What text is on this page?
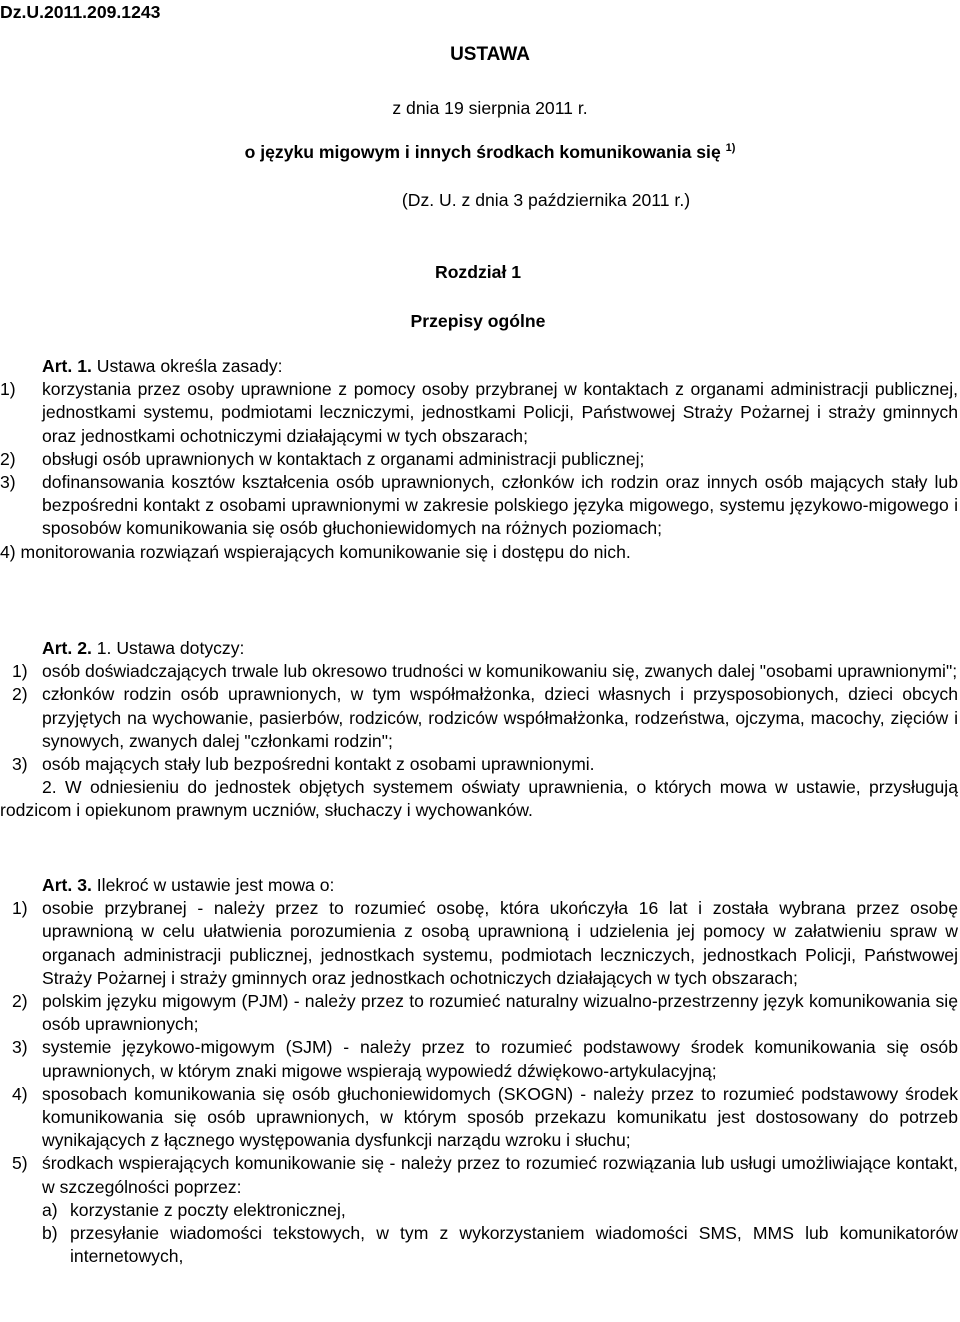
Dz.U.2011.209.1243
USTAWA
z dnia 19 sierpnia 2011 r.
o języku migowym i innych środkach komunikowania się $^{1)}$
(Dz. U. z dnia 3 października 2011 r.)
Rozdział 1
Przepisy ogólne
Art. 1. Ustawa określa zasady:
1) korzystania przez osoby uprawnione z pomocy osoby przybranej w kontaktach z organami administracji publicznej, jednostkami systemu, podmiotami leczniczymi, jednostkami Policji, Państwowej Straży Pożarnej i straży gminnych oraz jednostkami ochotniczymi działającymi w tych obszarach;
2) obsługi osób uprawnionych w kontaktach z organami administracji publicznej;
3) dofinansowania kosztów kształcenia osób uprawnionych, członków ich rodzin oraz innych osób mających stały lub bezpośredni kontakt z osobami uprawnionymi w zakresie polskiego języka migowego, systemu językowo-migowego i sposobów komunikowania się osób głuchoniewidomych na różnych poziomach;
4) monitorowania rozwiązań wspierających komunikowanie się i dostępu do nich.
Art. 2. 1. Ustawa dotyczy:
1) osób doświadczających trwale lub okresowo trudności w komunikowaniu się, zwanych dalej "osobami uprawnionymi";
2) członków rodzin osób uprawnionych, w tym współmałżonka, dzieci własnych i przysposobionych, dzieci obcych przyjętych na wychowanie, pasierbów, rodziców, rodziców współmałżonka, rodzeństwa, ojczyma, macochy, zięciów i synowych, zwanych dalej "członkami rodzin";
3) osób mających stały lub bezpośredni kontakt z osobami uprawnionymi.
2. W odniesieniu do jednostek objętych systemem oświaty uprawnienia, o których mowa w ustawie, przysługują rodzicom i opiekunom prawnym uczniów, słuchaczy i wychowanków.
Art. 3. Ilekroć w ustawie jest mowa o:
1) osobie przybranej - należy przez to rozumieć osobę, która ukończyła 16 lat i została wybrana przez osobę uprawnioną w celu ułatwienia porozumienia z osobą uprawnioną i udzielenia jej pomocy w załatwieniu spraw w organach administracji publicznej, jednostkach systemu, podmiotach leczniczych, jednostkach Policji, Państwowej Straży Pożarnej i straży gminnych oraz jednostkach ochotniczych działających w tych obszarach;
2) polskim języku migowym (PJM) - należy przez to rozumieć naturalny wizualno-przestrzenny język komunikowania się osób uprawnionych;
3) systemie językowo-migowym (SJM) - należy przez to rozumieć podstawowy środek komunikowania się osób uprawnionych, w którym znaki migowe wspierają wypowiedź dźwiękowo-artykulacyjną;
4) sposobach komunikowania się osób głuchoniewidomych (SKOGN) - należy przez to rozumieć podstawowy środek komunikowania się osób uprawnionych, w którym sposób przekazu komunikatu jest dostosowany do potrzeb wynikających z łącznego występowania dysfunkcji narządu wzroku i słuchu;
5) środkach wspierających komunikowanie się - należy przez to rozumieć rozwiązania lub usługi umożliwiające kontakt, w szczególności poprzez:
a) korzystanie z poczty elektronicznej,
b) przesyłanie wiadomości tekstowych, w tym z wykorzystaniem wiadomości SMS, MMS lub komunikatorów internetowych,
